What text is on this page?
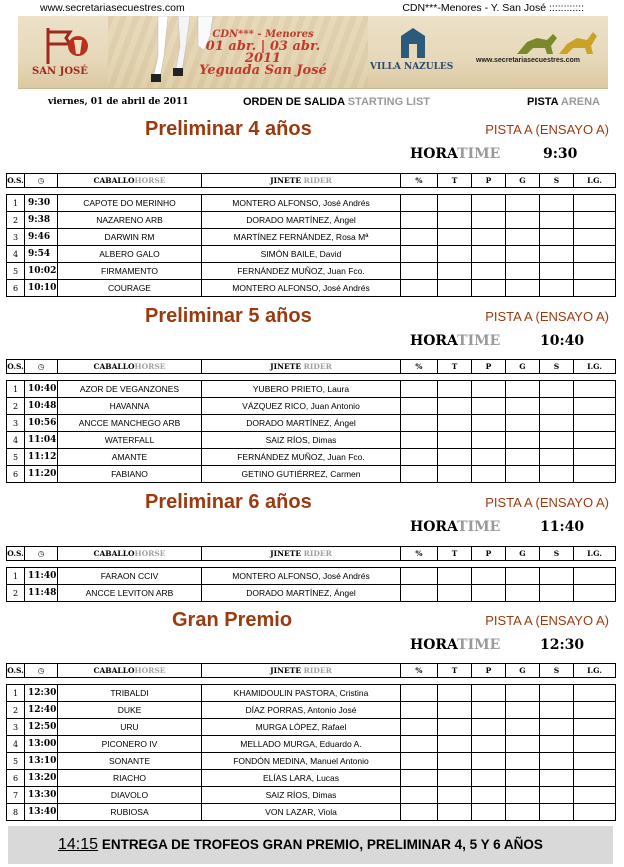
www.secretariasecuestres.com	CDN***-Menores - Y. San José ::::::::::::
SAN JOSÉ
CDN*** - Menores
01 abr. | 03 abr. 2011
Yeguada San José	VILLA NAZULES
www.secretariasecuestres.com
viernes, 01 de abril de 2011	ORDEN DE SALIDA STARTING LIST	PISTA ARENA
Preliminar 4 años	PISTA A (ENSAYO A)
HORATIME	9:30
O.S.	◷	CABALLOHORSE	JINETE RIDER	%	T	P	G	S	I.G.

1	9:30	CAPOTE DO MERINHO	MONTERO ALFONSO, José Andrés						
2	9:38	NAZARENO ARB	DORADO MARTÍNEZ, Ángel						
3	9:46	DARWIN RM	MARTÍNEZ FERNÁNDEZ, Rosa Mª						
4	9:54	ALBERO GALO	SIMÓN BAILE, David						
5	10:02	FIRMAMENTO	FERNÁNDEZ MUÑOZ, Juan Fco.						
6	10:10	COURAGE	MONTERO ALFONSO, José Andrés						
Preliminar 5 años	PISTA A (ENSAYO A)
HORATIME	10:40
O.S.	◷	CABALLOHORSE	JINETE RIDER	%	T	P	G	S	I.G.

1	10:40	AZOR DE VEGANZONES	YUBERO PRIETO, Laura						
2	10:48	HAVANNA	VÁZQUEZ RICO, Juan Antonio						
3	10:56	ANCCE MANCHEGO ARB	DORADO MARTÍNEZ, Ángel						
4	11:04	WATERFALL	SAIZ RÍOS, Dimas						
5	11:12	AMANTE	FERNÁNDEZ MUÑOZ, Juan Fco.						
6	11:20	FABIANO	GETINO GUTIÉRREZ, Carmen						
Preliminar 6 años	PISTA A (ENSAYO A)
HORATIME	11:40
O.S.	◷	CABALLOHORSE	JINETE RIDER	%	T	P	G	S	I.G.

1	11:40	FARAON CCIV	MONTERO ALFONSO, José Andrés						
2	11:48	ANCCE LEVITON ARB	DORADO MARTÍNEZ, Ángel						
Gran Premio	PISTA A (ENSAYO A)
HORATIME	12:30
O.S.	◷	CABALLOHORSE	JINETE RIDER	%	T	P	G	S	I.G.

1	12:30	TRIBALDI	KHAMIDOULIN PASTORA, Cristina						
2	12:40	DUKE	DÍAZ PORRAS, Antonio José						
3	12:50	URU	MURGA LÓPEZ, Rafael						
4	13:00	PICONERO IV	MELLADO MURGA, Eduardo A.						
5	13:10	SONANTE	FONDÓN MEDINA, Manuel Antonio						
6	13:20	RIACHO	ELÍAS LARA, Lucas						
7	13:30	DIAVOLO	SAIZ RÍOS, Dimas						
8	13:40	RUBIOSA	VON LAZAR, Viola						
14:15 ENTREGA DE TROFEOS GRAN PREMIO, PRELIMINAR 4, 5 Y 6 AÑOS
